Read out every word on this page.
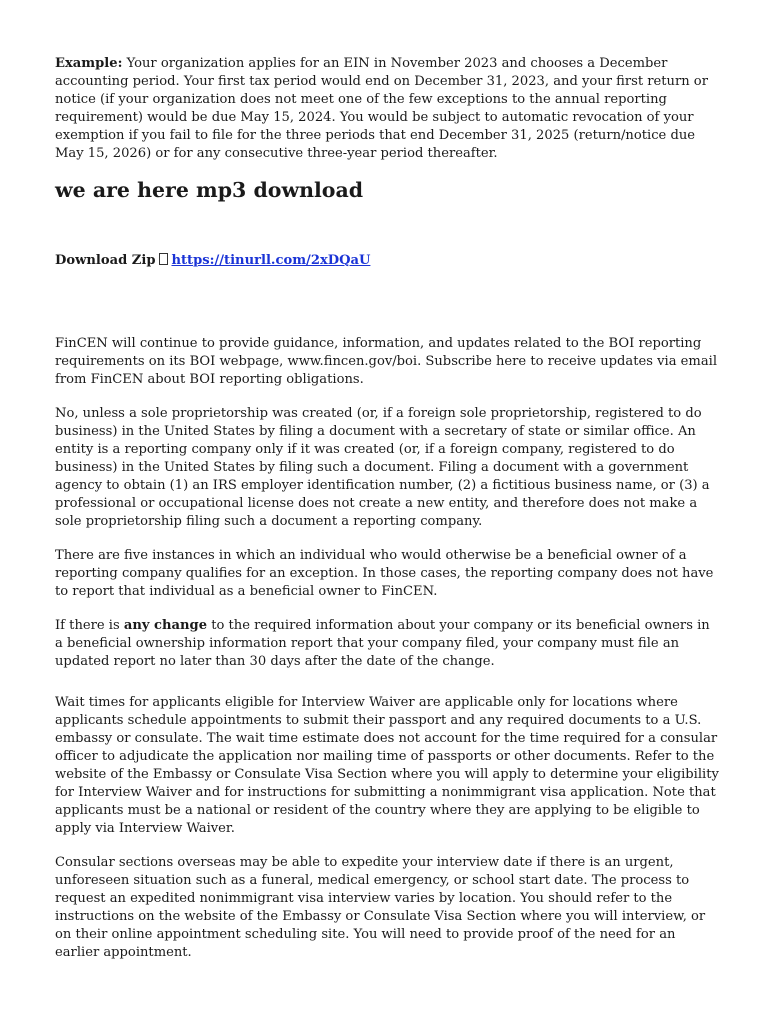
Example: Your organization applies for an EIN in November 2023 and chooses a December accounting period. Your first tax period would end on December 31, 2023, and your first return or notice (if your organization does not meet one of the few exceptions to the annual reporting requirement) would be due May 15, 2024. You would be subject to automatic revocation of your exemption if you fail to file for the three periods that end December 31, 2025 (return/notice due May 15, 2026) or for any consecutive three-year period thereafter.

we are here mp3 download
Download Zip https://tinurll.com/2xDQaU

FinCEN will continue to provide guidance, information, and updates related to the BOI reporting requirements on its BOI webpage, www.fincen.gov/boi. Subscribe here to receive updates via email from FinCEN about BOI reporting obligations.

No, unless a sole proprietorship was created (or, if a foreign sole proprietorship, registered to do business) in the United States by filing a document with a secretary of state or similar office. An entity is a reporting company only if it was created (or, if a foreign company, registered to do business) in the United States by filing such a document. Filing a document with a government agency to obtain (1) an IRS employer identification number, (2) a fictitious business name, or (3) a professional or occupational license does not create a new entity, and therefore does not make a sole proprietorship filing such a document a reporting company.

There are five instances in which an individual who would otherwise be a beneficial owner of a reporting company qualifies for an exception. In those cases, the reporting company does not have to report that individual as a beneficial owner to FinCEN.

If there is any change to the required information about your company or its beneficial owners in a beneficial ownership information report that your company filed, your company must file an updated report no later than 30 days after the date of the change.

Wait times for applicants eligible for Interview Waiver are applicable only for locations where applicants schedule appointments to submit their passport and any required documents to a U.S. embassy or consulate. The wait time estimate does not account for the time required for a consular officer to adjudicate the application nor mailing time of passports or other documents. Refer to the website of the Embassy or Consulate Visa Section where you will apply to determine your eligibility for Interview Waiver and for instructions for submitting a nonimmigrant visa application. Note that applicants must be a national or resident of the country where they are applying to be eligible to apply via Interview Waiver.

Consular sections overseas may be able to expedite your interview date if there is an urgent, unforeseen situation such as a funeral, medical emergency, or school start date. The process to request an expedited nonimmigrant visa interview varies by location. You should refer to the instructions on the website of the Embassy or Consulate Visa Section where you will interview, or on their online appointment scheduling site. You will need to provide proof of the need for an earlier appointment.
